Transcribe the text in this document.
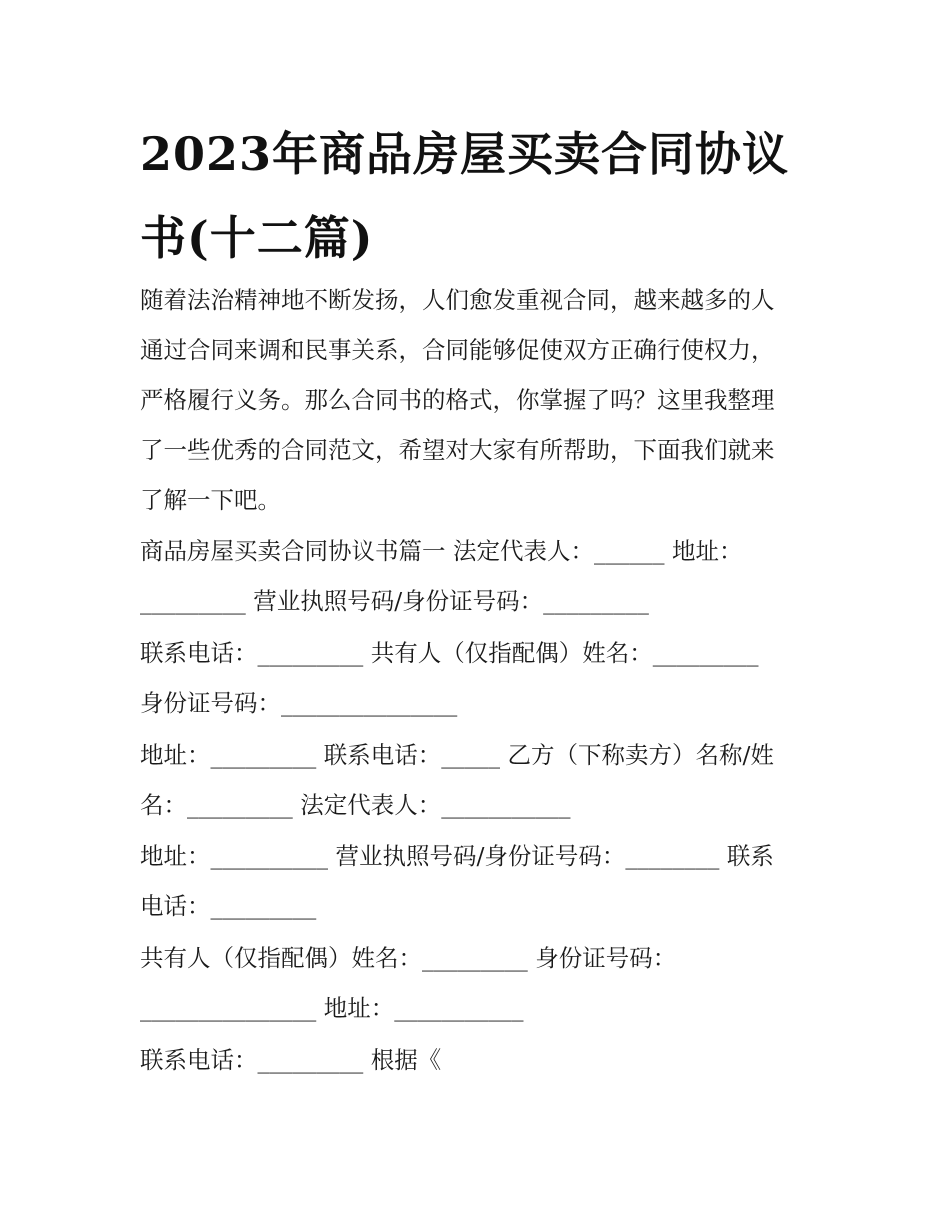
2023年商品房屋买卖合同协议
书(十二篇)
随着法治精神地不断发扬，人们愈发重视合同，越来越多的人
通过合同来调和民事关系，合同能够促使双方正确行使权力，
严格履行义务。那么合同书的格式，你掌握了吗？这里我整理
了一些优秀的合同范文，希望对大家有所帮助，下面我们就来
了解一下吧。
商品房屋买卖合同协议书篇一 法定代表人：______ 地址：
_________ 营业执照号码/身份证号码：_________
联系电话：_________ 共有人（仅指配偶）姓名：_________
身份证号码：_______________
地址：_________ 联系电话：_____ 乙方（下称卖方）名称/姓
名：_________ 法定代表人：___________
地址：__________ 营业执照号码/身份证号码：________ 联系
电话：_________
共有人（仅指配偶）姓名：_________ 身份证号码：
_______________ 地址：___________
联系电话：_________ 根据《
